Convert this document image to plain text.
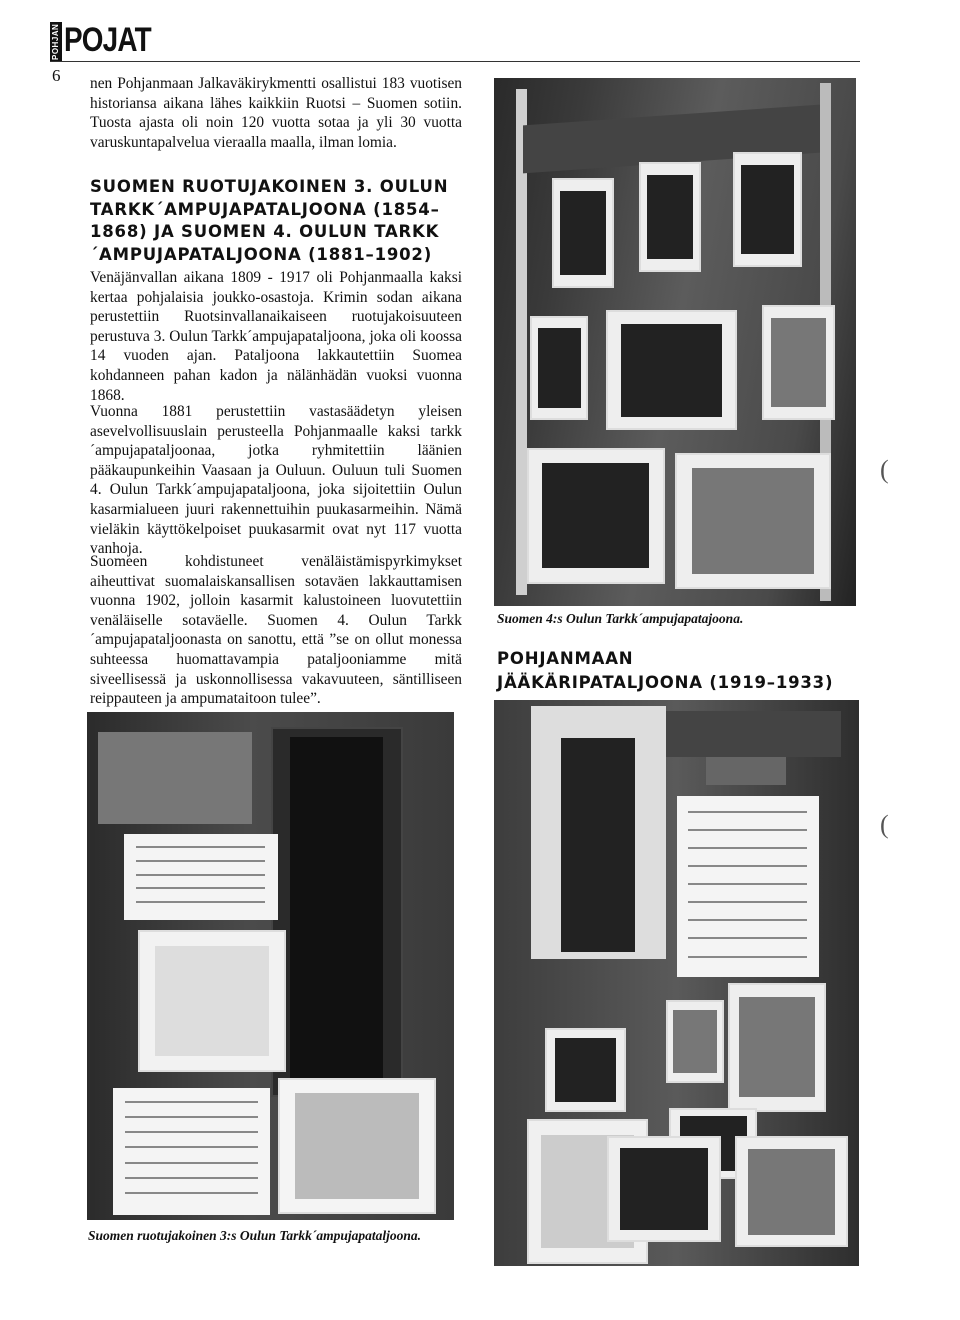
POHJAN POJAT
6 nen Pohjanmaan Jalkaväkirykmentti osallistui 183 vuotisen historiansa aikana lähes kaikkiin Ruotsi – Suomen sotiin. Tuosta ajasta oli noin 120 vuotta sotaa ja yli 30 vuotta varuskuntapalvelua vieraalla maalla, ilman lomia.

SUOMEN RUOTUJAKOINEN 3. OULUN TARKK´AMPUJAPATALJOONA (1854–1868) JA SUOMEN 4. OULUN TARKK´AMPUJAPATALJOONA (1881–1902)

Venäjänvallan aikana 1809 - 1917 oli Pohjanmaalla kaksi kertaa pohjalaisia joukko-osastoja. Krimin sodan aikana perustettiin Ruotsinvallanaikaiseen ruotujakoisuuteen perustuva 3. Oulun Tarkk´ampujapataljoona, joka oli koossa 14 vuoden ajan. Pataljoona lakkautettiin Suomea kohdanneen pahan kadon ja nälänhädän vuoksi vuonna 1868.

Vuonna 1881 perustettiin vastasäädetyn yleisen asevelvollisuuslain perusteella Pohjanmaalle kaksi tarkk´ampujapataljoonaa, jotka ryhmitettiin läänien pääkaupunkeihin Vaasaan ja Ouluun. Ouluun tuli Suomen 4. Oulun Tarkk´ampujapataljoona, joka sijoitettiin Oulun kasarmialueen juuri rakennettuihin puukasarmeihin. Nämä vieläkin käyttökelpoiset puukasarmit ovat nyt 117 vuotta vanhoja.

Suomeen kohdistuneet venäläistämispyrkimykset aiheuttivat suomalaiskansallisen sotaväen lakkauttamisen vuonna 1902, jolloin kasarmit kalustoineen luovutettiin venäläiselle sotaväelle. Suomen 4. Oulun Tarkk´ampujapataljoonasta on sanottu, että ”se on ollut monessa suhteessa huomattavampia pataljooniamme mitä siveellisessä ja uskonnollisessa vakavuuteen, säntilliseen reippauteen ja ampumataitoon tulee”.

Suomen 4:s Oulun Tarkk´ampujapatajoona.
POHJANMAAN JÄÄKÄRIPATALJOONA (1919–1933)
Suomen ruotujakoinen 3:s Oulun Tarkk´ampujapataljoona.
(
(
